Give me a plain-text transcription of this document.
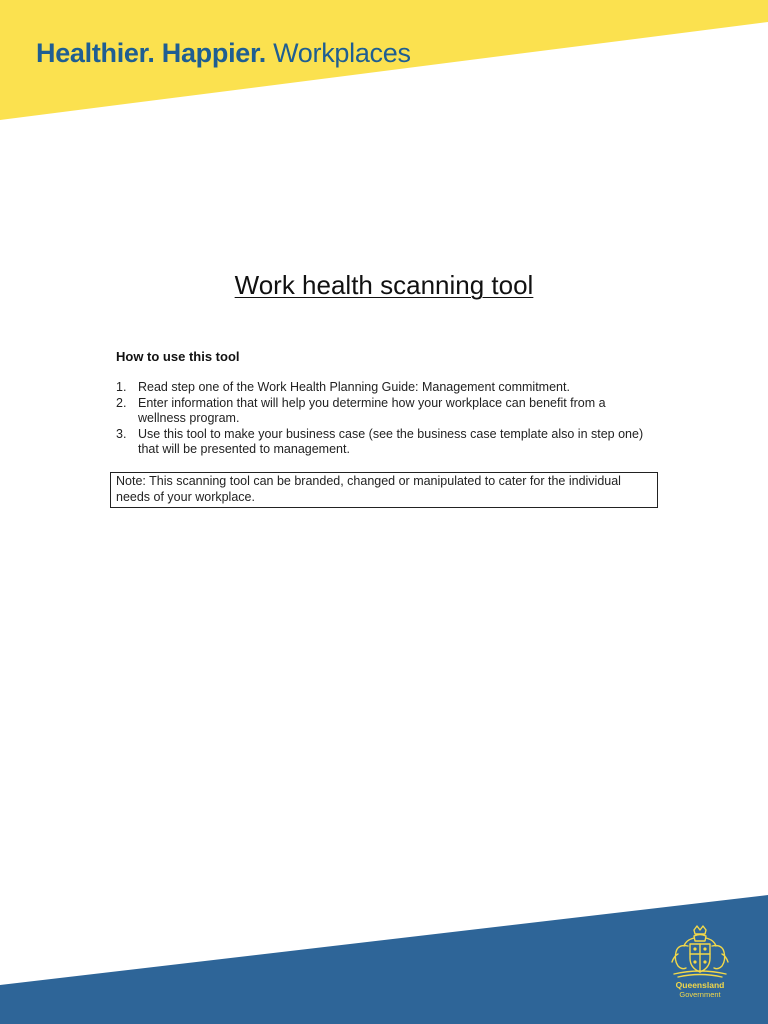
Healthier. Happier. Workplaces
Work health scanning tool
How to use this tool
1. Read step one of the Work Health Planning Guide: Management commitment.
2. Enter information that will help you determine how your workplace can benefit from a wellness program.
3. Use this tool to make your business case (see the business case template also in step one) that will be presented to management.
Note: This scanning tool can be branded, changed or manipulated to cater for the individual needs of your workplace.
Queensland
Government
